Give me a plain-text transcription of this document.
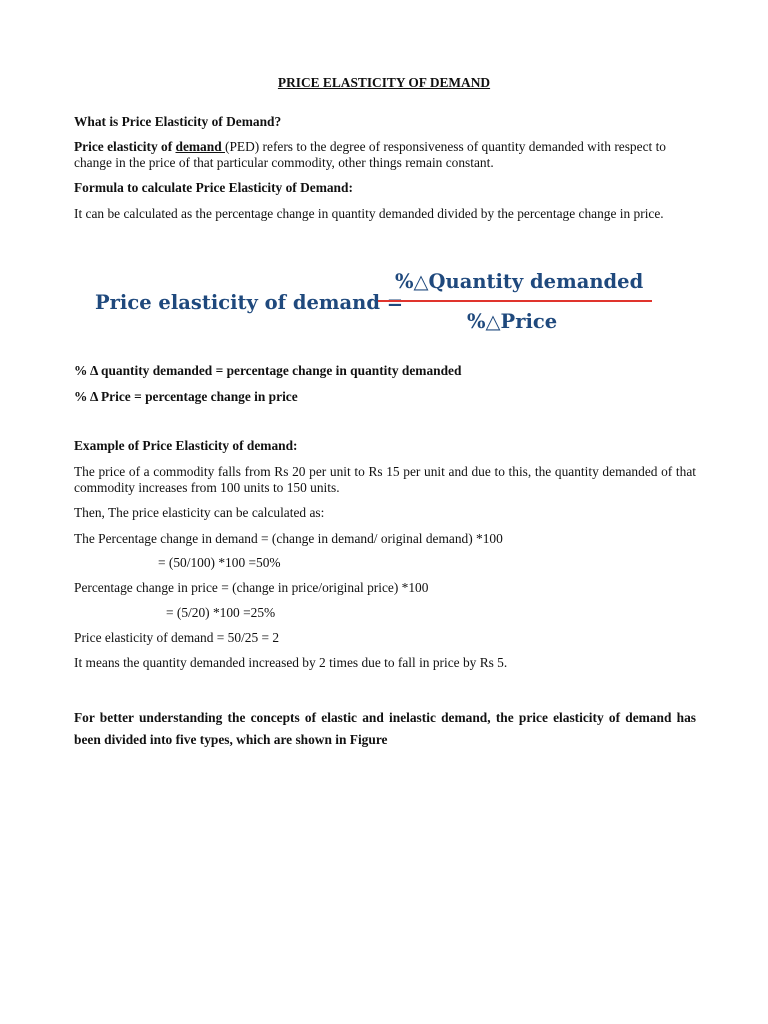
PRICE ELASTICITY OF DEMAND

What is Price Elasticity of Demand?

Price elasticity of demand (PED) refers to the degree of responsiveness of quantity demanded with respect to change in the price of that particular commodity, other things remain constant.

Formula to calculate Price Elasticity of Demand:

It can be calculated as the percentage change in quantity demanded divided by the percentage change in price.

Price elasticity of demand =
%△Quantity demanded
%△Price

% Δ quantity demanded = percentage change in quantity demanded

% Δ Price = percentage change in price

Example of Price Elasticity of demand:

The price of a commodity falls from Rs 20 per unit to Rs 15 per unit and due to this, the quantity demanded of that commodity increases from 100 units to 150 units.

Then, The price elasticity can be calculated as:

The Percentage change in demand = (change in demand/ original demand) *100

= (50/100) *100 =50%

Percentage change in price = (change in price/original price) *100

= (5/20) *100 =25%

Price elasticity of demand = 50/25 = 2

It means the quantity demanded increased by 2 times due to fall in price by Rs 5.

For better understanding the concepts of elastic and inelastic demand, the price elasticity of demand has been divided into five types, which are shown in Figure
